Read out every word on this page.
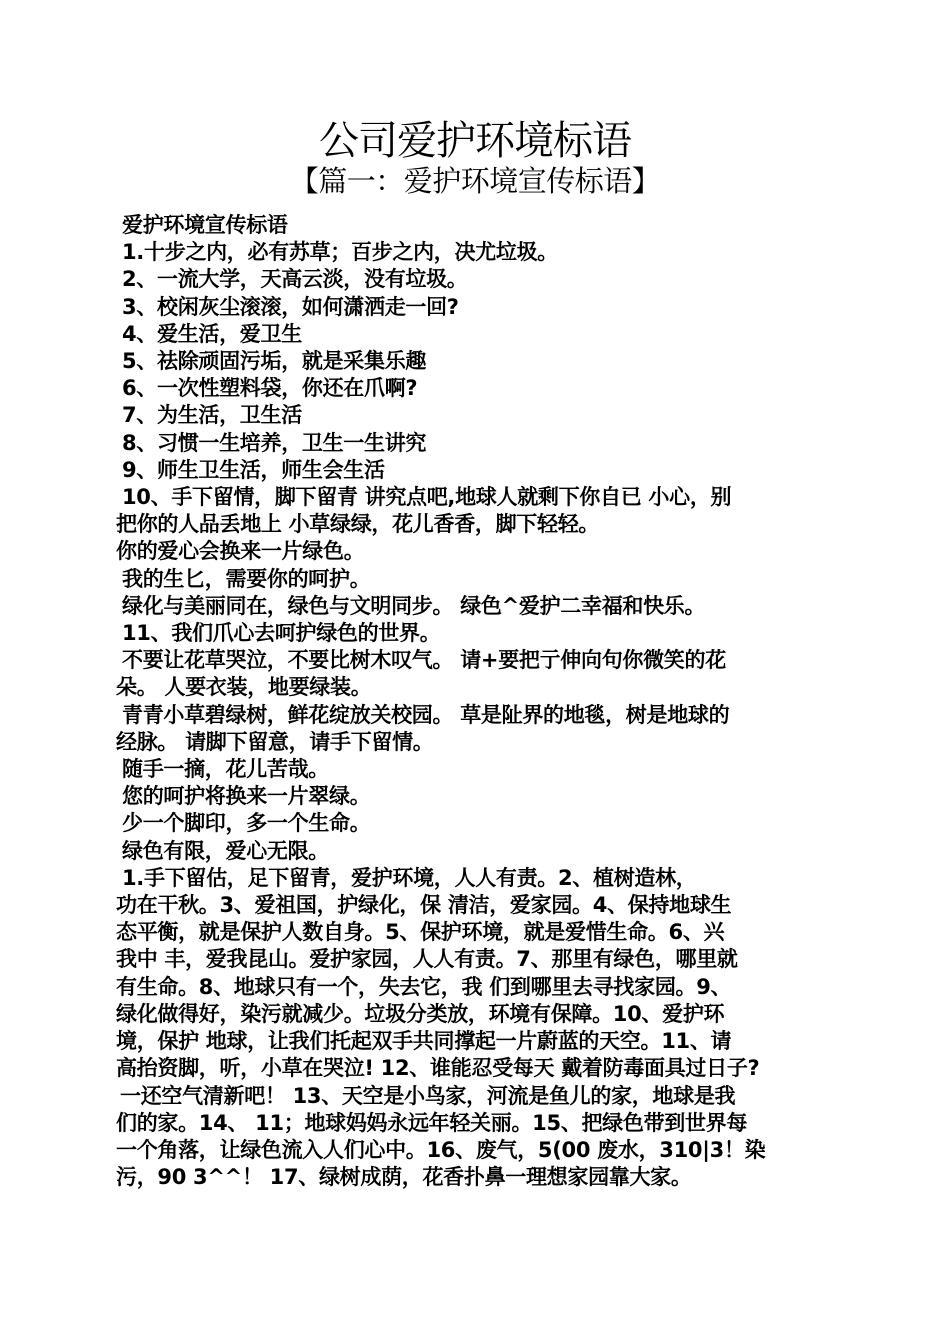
公司爱护环境标语
【篇一：爱护环境宣传标语】
爱护环境宣传标语
1.十步之内，必有苏草；百步之内，决尤垃圾。
2、一流大学，天高云淡，没有垃圾。
3、校闲灰尘滚滚，如何潇洒走一回?
4、爱生活，爱卫生
5、祛除顽固污垢，就是采集乐趣
6、一次性塑料袋，你还在爪啊?
7、为生活，卫生活
8、习惯一生培养，卫生一生讲究
9、师生卫生活，师生会生活
10、手下留情，脚下留青 讲究点吧,地球人就剩下你自已 小心，别
把你的人品丢地上 小草绿绿，花儿香香，脚下轻轻。
你的爱心会换来一片绿色。
我的生匕，需要你的呵护。
绿化与美丽同在，绿色与文明同步。 绿色^爱护二幸福和快乐。
11、我们爪心去呵护绿色的世界。
不要让花草哭泣，不要比树木叹气。 请+要把亍伸向句你微笑的花
朵。 人要衣装，地要绿装。
青青小草碧绿树，鲜花绽放关校园。 草是阯界的地毯，树是地球的
经脉。 请脚下留意，请手下留情。
随手一摘，花儿苦哉。
您的呵护将换来一片翠绿。
少一个脚印，多一个生命。
绿色有限，爱心无限。
1.手下留估，足下留青，爱护环境，人人有责。2、植树造林，
功在干秋。3、爱祖国，护绿化，保 清洁，爱家园。4、保持地球生
态平衡，就是保护人数自身。5、保护环境，就是爱惜生命。6、兴
我中 丰，爱我昆山。爱护家园，人人有责。7、那里有绿色，哪里就
有生命。8、地球只有一个，失去它，我 们到哪里去寻找家园。9、
绿化做得好，染污就减少。垃圾分类放，环境有保障。10、爱护环
境，保护 地球，让我们托起双手共同撑起一片蔚蓝的天空。11、请
高抬资脚，听，小草在哭泣! 12、谁能忍受每天 戴着防毒面具过日子?
一还空气清新吧！ 13、天空是小鸟家，河流是鱼儿的家，地球是我
们的家。14、 11；地球妈妈永远年轻关丽。15、把绿色带到世界每
一个角落，让绿色流入人们心中。16、废气，5(00 废水，310|3！染
污，90 3^^！ 17、绿树成荫，花香扑鼻一理想家园靠大家。
